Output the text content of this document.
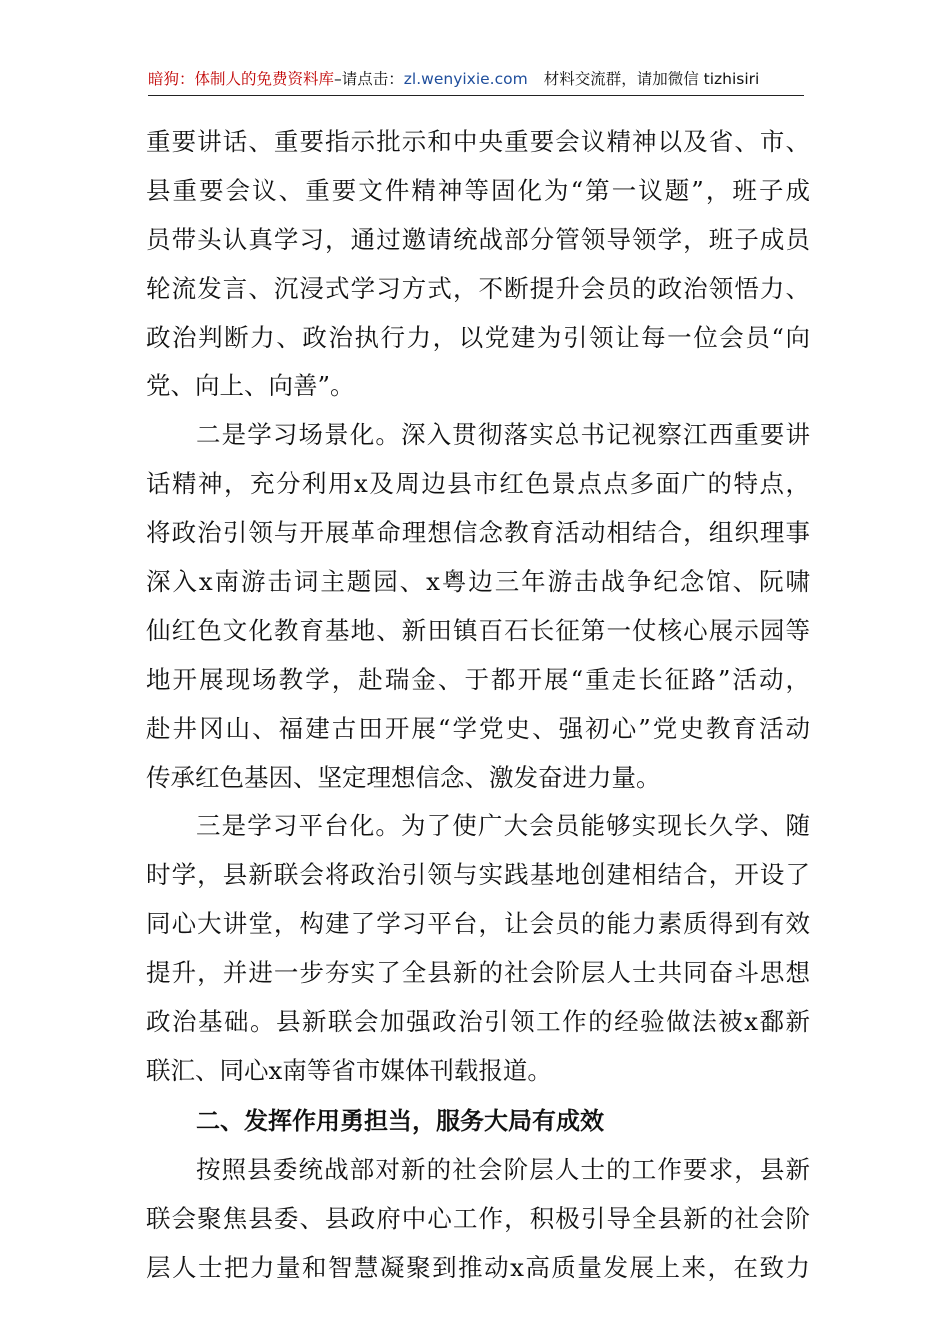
暗狗：体制人的免费资料库–请点击：zl.wenyixie.com 材料交流群，请加微信 tizhisiri
重要讲话、重要指示批示和中央重要会议精神以及省、市、
县重要会议、重要文件精神等固化为“第一议题”，班子成
员带头认真学习，通过邀请统战部分管领导领学，班子成员
轮流发言、沉浸式学习方式，不断提升会员的政治领悟力、
政治判断力、政治执行力，以党建为引领让每一位会员“向
党、向上、向善”。
二是学习场景化。深入贯彻落实总书记视察江西重要讲
话精神，充分利用x及周边县市红色景点点多面广的特点，
将政治引领与开展革命理想信念教育活动相结合，组织理事
深入x南游击词主题园、x粤边三年游击战争纪念馆、阮啸
仙红色文化教育基地、新田镇百石长征第一仗核心展示园等
地开展现场教学，赴瑞金、于都开展“重走长征路”活动，
赴井冈山、福建古田开展“学党史、强初心”党史教育活动
传承红色基因、坚定理想信念、激发奋进力量。
三是学习平台化。为了使广大会员能够实现长久学、随
时学，县新联会将政治引领与实践基地创建相结合，开设了
同心大讲堂，构建了学习平台，让会员的能力素质得到有效
提升，并进一步夯实了全县新的社会阶层人士共同奋斗思想
政治基础。县新联会加强政治引领工作的经验做法被x鄱新
联汇、同心x南等省市媒体刊载报道。
二、发挥作用勇担当，服务大局有成效
按照县委统战部对新的社会阶层人士的工作要求，县新
联会聚焦县委、县政府中心工作，积极引导全县新的社会阶
层人士把力量和智慧凝聚到推动x高质量发展上来，在致力
